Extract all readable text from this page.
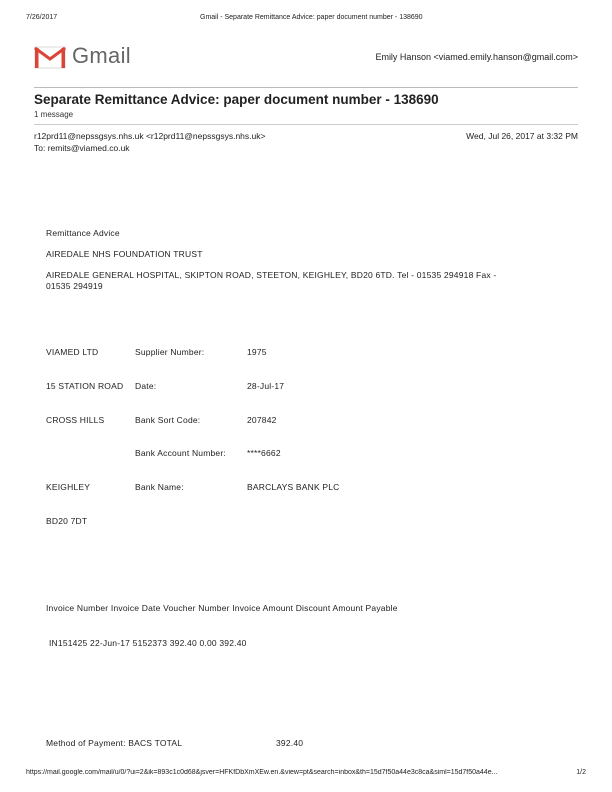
7/26/2017	Gmail - Separate Remittance Advice: paper document number - 138690
Gmail	Emily Hanson <viamed.emily.hanson@gmail.com>
Separate Remittance Advice: paper document number - 138690
1 message
r12prd11@nepssgsys.nhs.uk <r12prd11@nepssgsys.nhs.uk>	Wed, Jul 26, 2017 at 3:32 PM
To: remits@viamed.co.uk
Remittance Advice
AIREDALE NHS FOUNDATION TRUST
AIREDALE GENERAL HOSPITAL, SKIPTON ROAD, STEETON, KEIGHLEY, BD20 6TD. Tel - 01535 294918 Fax -
01535 294919
VIAMED LTD	Supplier Number:	1975
15 STATION ROAD Date:	28-Jul-17
CROSS HILLS	Bank Sort Code:	207842
Bank Account Number: ****6662
KEIGHLEY	Bank Name:	BARCLAYS BANK PLC
BD20 7DT
Invoice Number Invoice Date Voucher Number Invoice Amount Discount Amount Payable
IN151425 22-Jun-17 5152373 392.40 0.00 392.40
Method of Payment: BACS TOTAL	392.40
https://mail.google.com/mail/u/0/?ui=2&ik=893c1c0d68&jsver=HFKfDbXmXEw.en.&view=pt&search=inbox&th=15d7f50a44e3c8ca&siml=15d7f50a44e...	1/2
